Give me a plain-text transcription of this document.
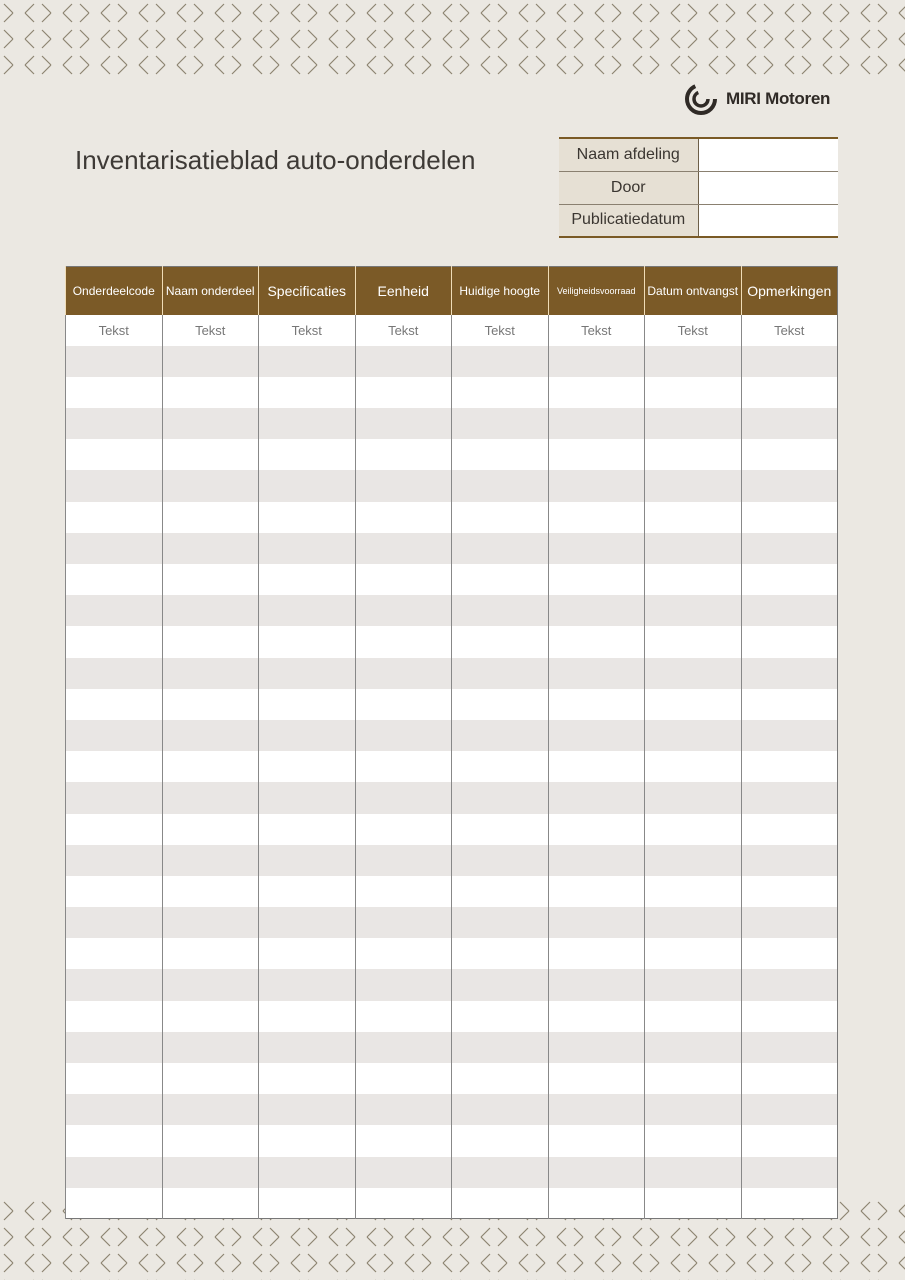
MIRI Motoren
Inventarisatieblad auto-onderdelen	Naam afdeling	
Door	
Publicatiedatum	
Onderdeelcode	Naam onderdeel	Specificaties	Eenheid	Huidige hoogte	Veiligheidsvoorraad	Datum ontvangst	Opmerkingen
Tekst	Tekst	Tekst	Tekst	Tekst	Tekst	Tekst	Tekst
